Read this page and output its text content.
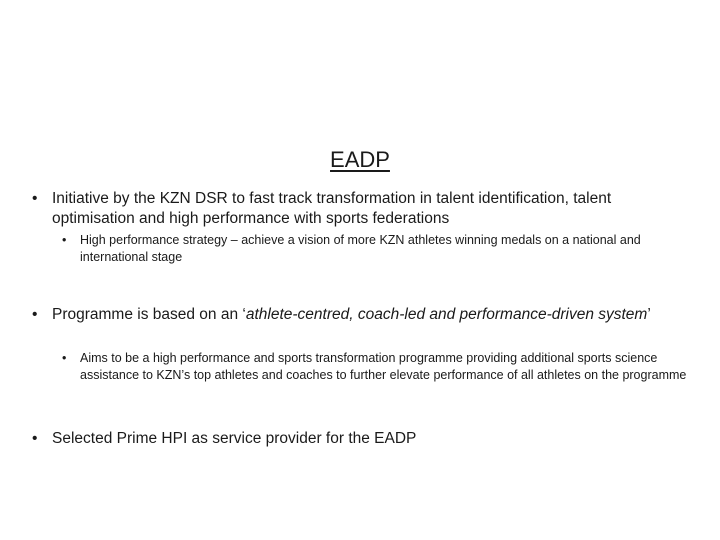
EADP
• Initiative by the KZN DSR to fast track transformation in talent identification, talent optimisation and high performance with sports federations
• High performance strategy – achieve a vision of more KZN athletes winning medals on a national and international stage
• Programme is based on an ‘athlete-centred, coach-led and performance-driven system’
• Aims to be a high performance and sports transformation programme providing additional sports science assistance to KZN’s top athletes and coaches to further elevate performance of all athletes on the programme
• Selected Prime HPI as service provider for the EADP
